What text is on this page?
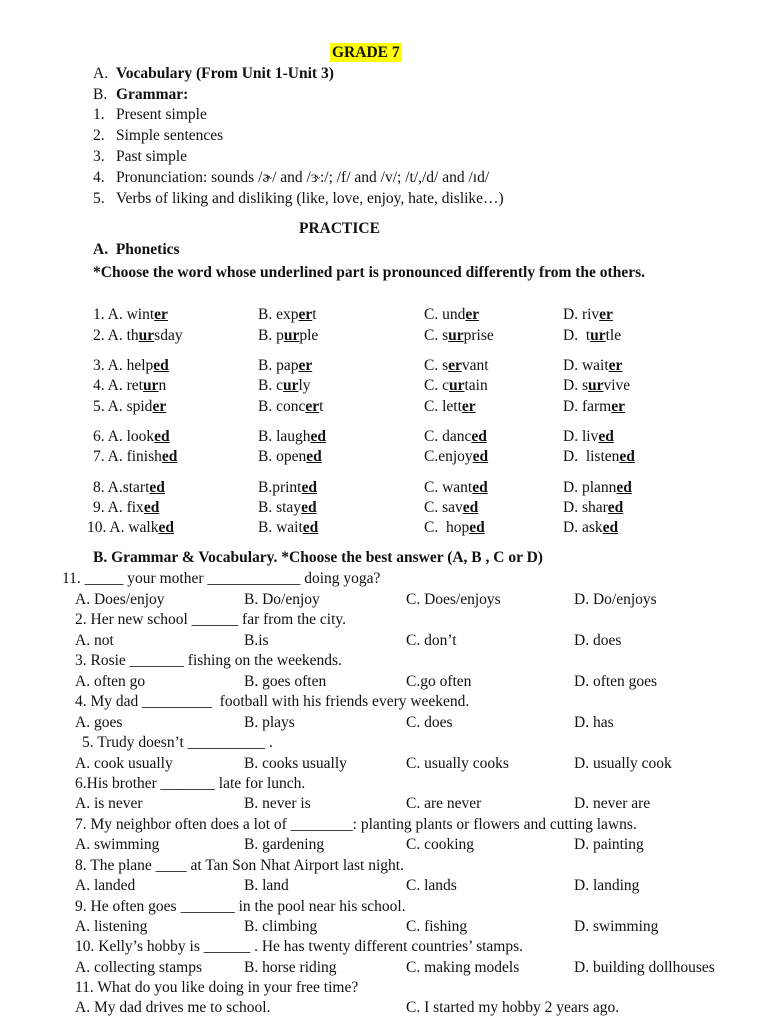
GRADE 7
A. Vocabulary (From Unit 1-Unit 3)
B. Grammar:
1. Present simple
2. Simple sentences
3. Past simple
4. Pronunciation: sounds /ɚ/ and /ɝ:/; /f/ and /v/; /t/,/d/ and /ɪd/
5. Verbs of liking and disliking (like, love, enjoy, hate, dislike…)
PRACTICE
A.  Phonetics
*Choose the word whose underlined part is pronounced differently from the others.
1. A. winter	B. expert	C. under	D. river
2. A. thursday	B. purple	C. surprise	D.  turtle
3. A. helped	B. paper	C. servant	D. waiter
4. A. return	B. curly	C. curtain	D. survive
5. A. spider	B. concert	C. letter	D. farmer
6. A. looked	B. laughed	C. danced	D. lived
7. A. finished	B. opened	C.enjoyed	D.  listened
8. A.started	B.printed	C. wanted	D. planned
9. A. fixed	B. stayed	C. saved	D. shared
10. A. walked	B. waited	C.  hoped	D. asked
B. Grammar & Vocabulary. *Choose the best answer (A, B , C or D)
11. _____ your mother ____________ doing yoga?
A. Does/enjoy	B. Do/enjoy	C. Does/enjoys	D. Do/enjoys
2. Her new school ______ far from the city.
A. not	B.is	C. don’t	D. does
3. Rosie _______ fishing on the weekends.
A. often go	B. goes often	C.go often	D. often goes
4. My dad _________  football with his friends every weekend.
A. goes	B. plays	C. does	D. has
5. Trudy doesn’t __________ .
A. cook usually	B. cooks usually	C. usually cooks	D. usually cook
6.His brother _______ late for lunch.
A. is never	B. never is	C. are never	D. never are
7. My neighbor often does a lot of ________: planting plants or flowers and cutting lawns.
A. swimming	B. gardening	C. cooking	D. painting
8. The plane ____ at Tan Son Nhat Airport last night.
A. landed	B. land	C. lands	D. landing
9. He often goes _______ in the pool near his school.
A. listening	B. climbing	C. fishing	D. swimming
10. Kelly’s hobby is ______ . He has twenty different countries’ stamps.
A. collecting stamps	B. horse riding	C. making models	D. building dollhouses
11. What do you like doing in your free time?
A. My dad drives me to school.	C. I started my hobby 2 years ago.
